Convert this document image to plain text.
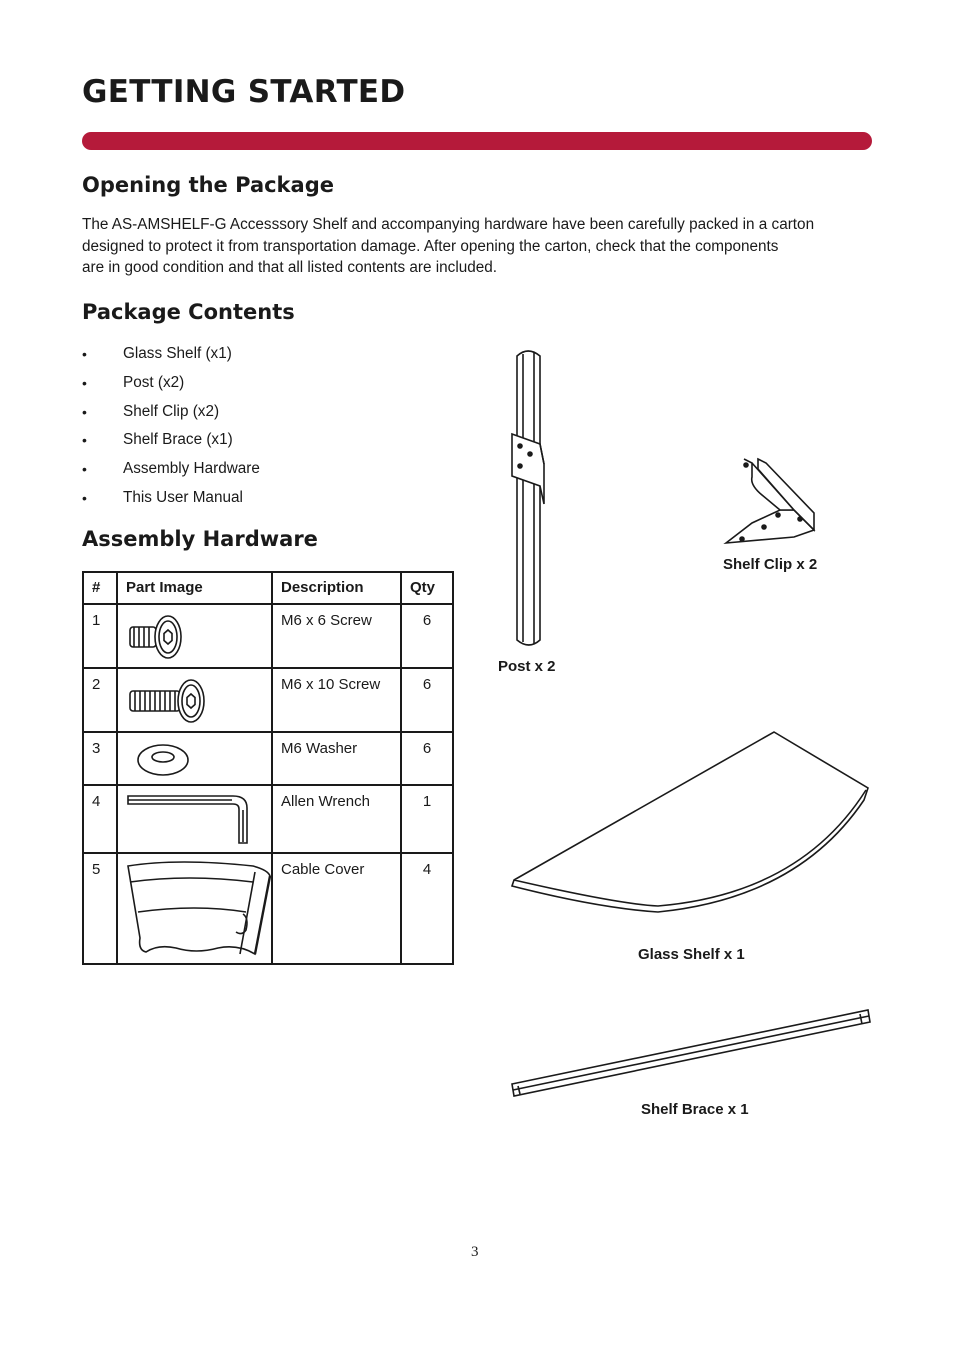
GETTING STARTED
Opening the Package
The AS-AMSHELF-G Accesssory Shelf and accompanying hardware have been carefully packed in a carton
designed to protect it from transportation damage. After opening the carton, check that the components
are in good condition and that all listed contents are included.
Package Contents
•	Glass Shelf (x1)
•	Post (x2)
•	Shelf Clip (x2)
•	Shelf Brace (x1)
•	Assembly Hardware
•	This User Manual
Assembly Hardware
#	Part Image	Description	Qty
1		M6 x 6 Screw	6
2		M6 x 10 Screw	6
3		M6 Washer	6
4		Allen Wrench	1
5		Cable Cover	4
Post x 2
Shelf Clip x 2
Glass Shelf x 1
Shelf Brace x 1
3
